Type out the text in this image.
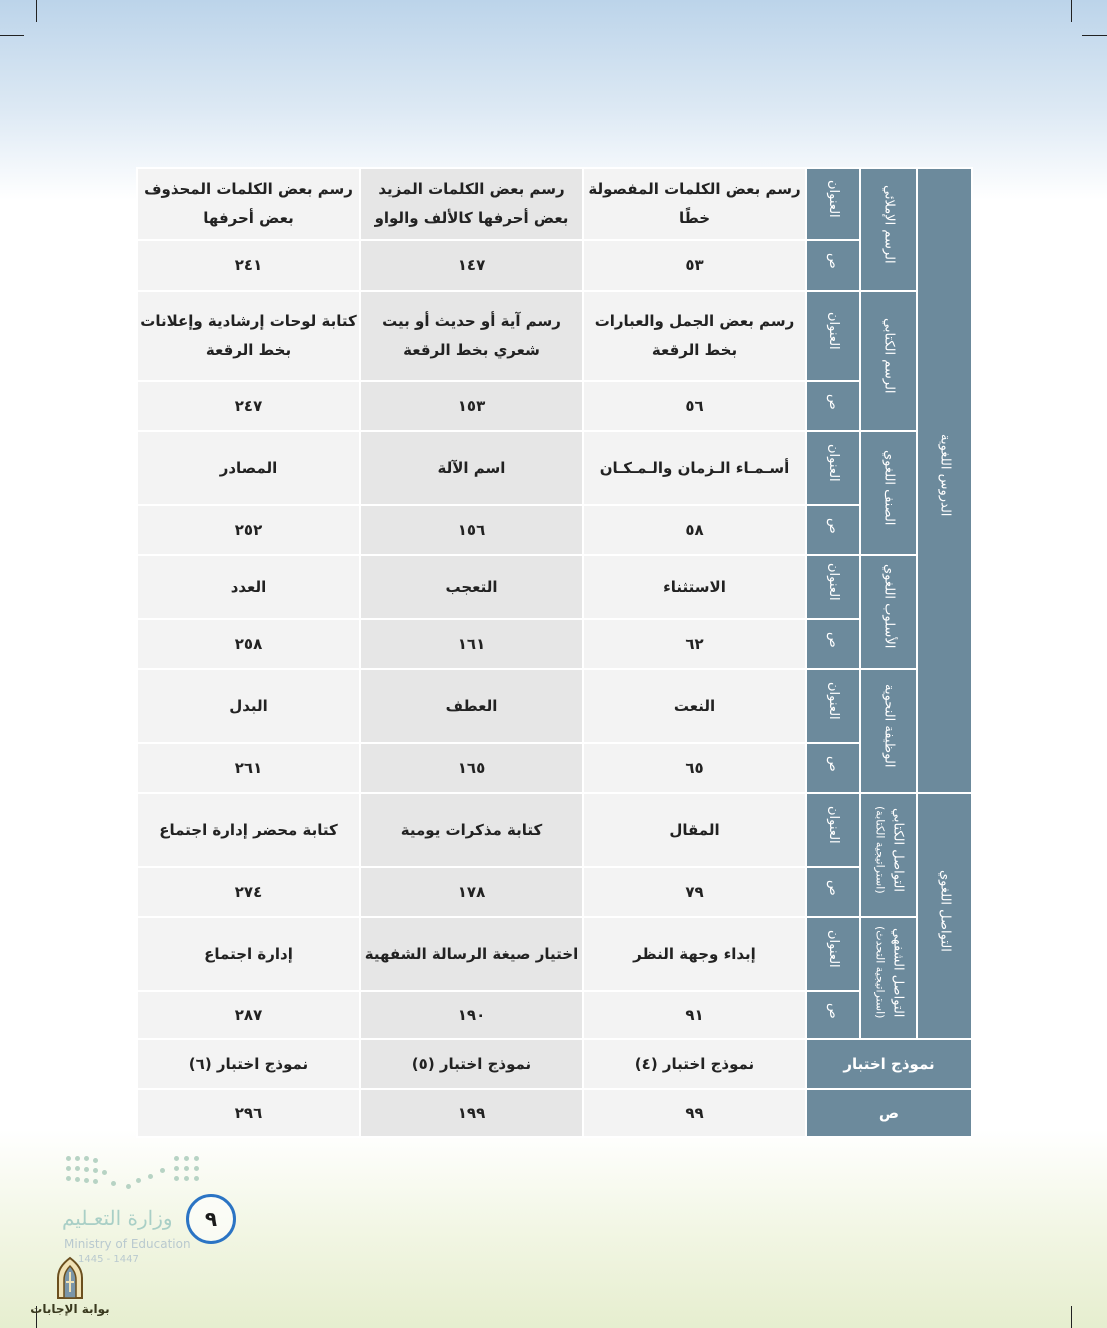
الدروس اللغوية	الرسم الإملائي	العنوان	رسم بعض الكلمات المفصولة خطًا	رسم بعض الكلمات المزيد بعض أحرفها كالألف والواو	رسم بعض الكلمات المحذوف بعض أحرفها
		ص	٥٣	١٤٧	٢٤١
	الرسم الكتابي	العنوان	رسم بعض الجمل والعبارات بخط الرقعة	رسم آية أو حديث أو بيت شعري بخط الرقعة	كتابة لوحات إرشادية وإعلانات بخط الرقعة
		ص	٥٦	١٥٣	٢٤٧
	الصنف اللغوي	العنوان	أسـمـاء الـزمان والـمـكـان	اسم الآلة	المصادر
		ص	٥٨	١٥٦	٢٥٢
	الأسلوب اللغوي	العنوان	الاستثناء	التعجب	العدد
		ص	٦٢	١٦١	٢٥٨
	الوظيفة النحوية	العنوان	النعت	العطف	البدل
		ص	٦٥	١٦٥	٢٦١
التواصل اللغوي	التواصل الكتابي
(استراتيجية الكتابة)	العنوان	المقال	كتابة مذكرات يومية	كتابة محضر إدارة اجتماع
		ص	٧٩	١٧٨	٢٧٤
	التواصل الشفهي
(استراتيجية التحدث)	العنوان	إبداء وجهة النظر	اختيار صيغة الرسالة الشفهية	إدارة اجتماع
		ص	٩١	١٩٠	٢٨٧
نموذج اختبار			نموذج اختبار (٤)	نموذج اختبار (٥)	نموذج اختبار (٦)
ص			٩٩	١٩٩	٢٩٦
وزارة التعـليم
Ministry of Education
1445 - 1447
٩
بوابة الإجابات
